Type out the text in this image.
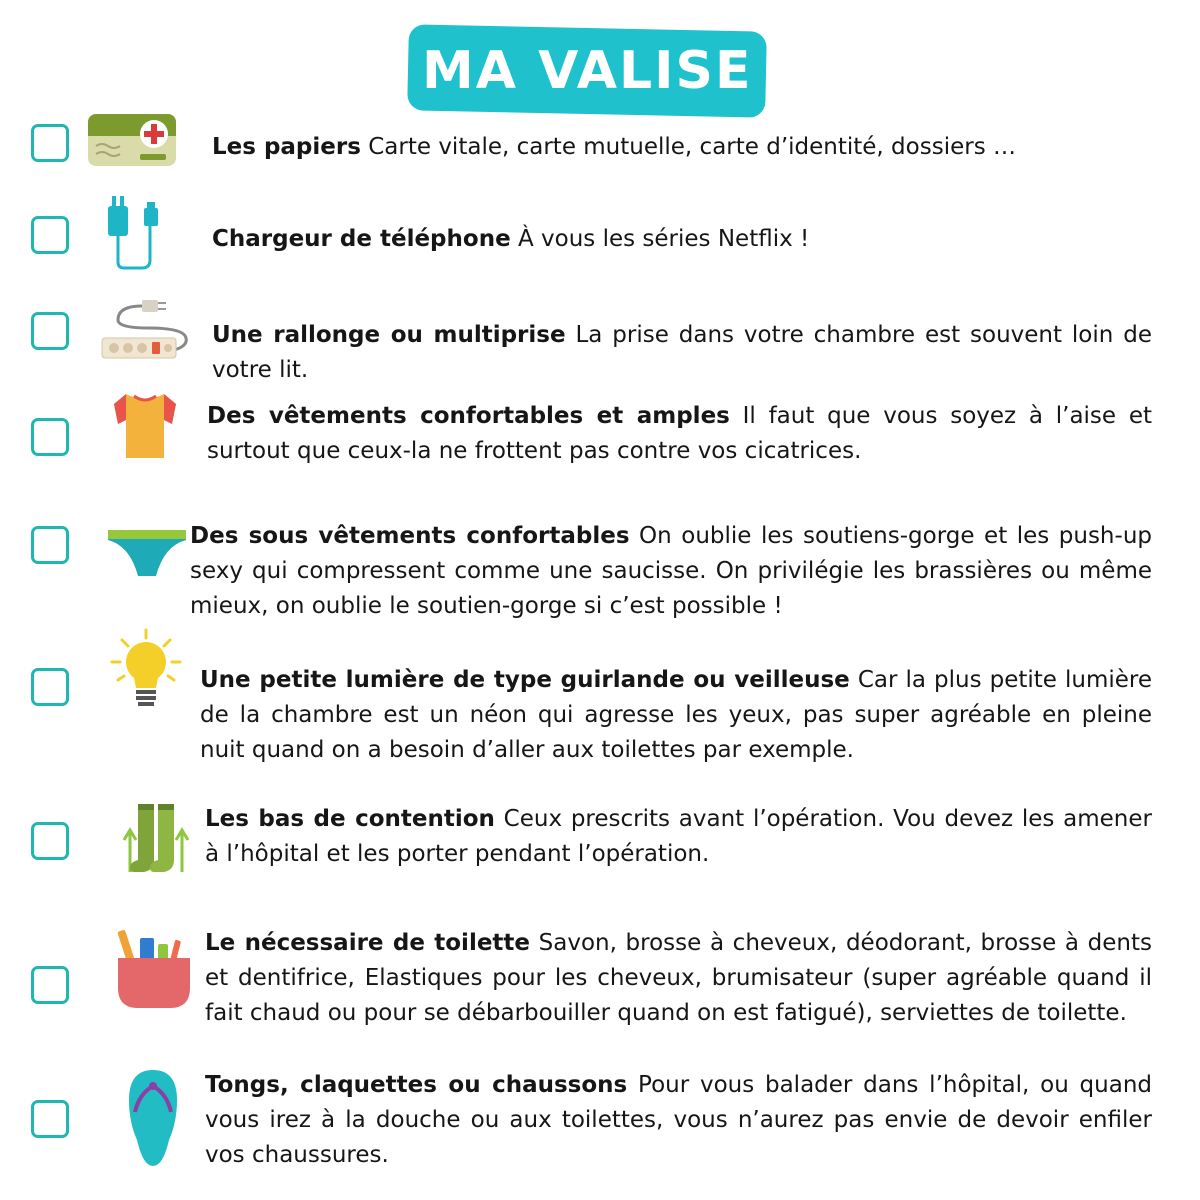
MA VALISE

Les papiers Carte vitale, carte mutuelle, carte d’identité, dossiers …

Chargeur de téléphone À vous les séries Netflix !

Une rallonge ou multiprise La prise dans votre chambre est souvent loin de votre lit.

Des vêtements confortables et amples Il faut que vous soyez à l’aise et surtout que ceux-la ne frottent pas contre vos cicatrices.

Des sous vêtements confortables On oublie les soutiens-gorge et les push-up sexy qui compressent comme une saucisse. On privilégie les brassières ou même mieux, on oublie le soutien-gorge si c’est possible !

Une petite lumière de type guirlande ou veilleuse Car la plus petite lumière de la chambre est un néon qui agresse les yeux, pas super agréable en pleine nuit quand on a besoin d’aller aux toilettes par exemple.

Les bas de contention Ceux prescrits avant l’opération. Vou devez les amener à l’hôpital et les porter pendant l’opération.

Le nécessaire de toilette Savon, brosse à cheveux, déodorant, brosse à dents et dentifrice, Elastiques pour les cheveux, brumisateur (super agréable quand il fait chaud ou pour se débarbouiller quand on est fatigué), serviettes de toilette.

Tongs, claquettes ou chaussons Pour vous balader dans l’hôpital, ou quand vous irez à la douche ou aux toilettes, vous n’aurez pas envie de devoir enfiler vos chaussures.
